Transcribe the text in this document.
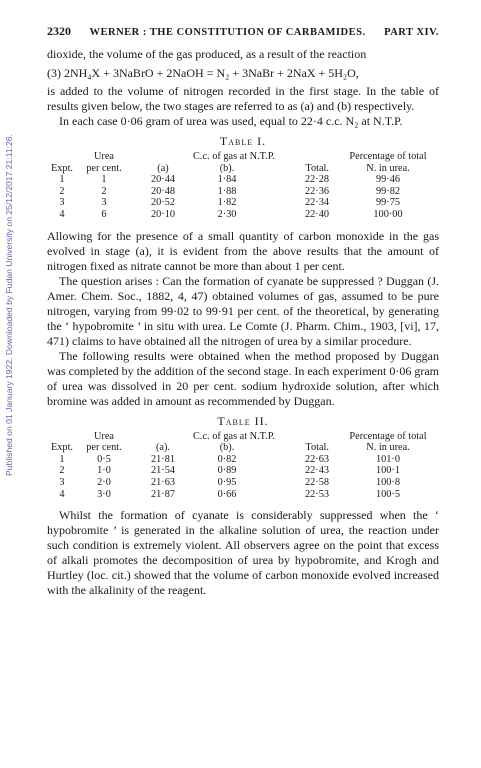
Published on 01 January 1922. Downloaded by Fudan University on 25/12/2017 21:11:26.
2320 WERNER : THE CONSTITUTION OF CARBAMIDES. PART XIV.

dioxide, the volume of the gas produced, as a result of the reaction

(3) 2NH₄X + 3NaBrO + 2NaOH = N₂ + 3NaBr + 2NaX + 5H₂O,

is added to the volume of nitrogen recorded in the first stage. In the table of results given below, the two stages are referred to as (a) and (b) respectively.

In each case 0·06 gram of urea was used, equal to 22·4 c.c. N₂ at N.T.P.

Table I.
	Urea	C.c. of gas at N.T.P.			Percentage of total
Expt.	per cent.	(a)	(b).	Total.	N. in urea.
1	1	20·44	1·84	22·28	99·46
2	2	20·48	1·88	22·36	99·82
3	3	20·52	1·82	22·34	99·75
4	6	20·10	2·30	22·40	100·00

Allowing for the presence of a small quantity of carbon monoxide in the gas evolved in stage (a), it is evident from the above results that the amount of nitrogen fixed as nitrate cannot be more than about 1 per cent.

The question arises : Can the formation of cyanate be suppressed ? Duggan (J. Amer. Chem. Soc., 1882, 4, 47) obtained volumes of gas, assumed to be pure nitrogen, varying from 99·02 to 99·91 per cent. of the theoretical, by generating the ‘ hypobromite ’ in situ with urea. Le Comte (J. Pharm. Chim., 1903, [vi], 17, 471) claims to have obtained all the nitrogen of urea by a similar procedure.

The following results were obtained when the method proposed by Duggan was completed by the addition of the second stage. In each experiment 0·06 gram of urea was dissolved in 20 per cent. sodium hydroxide solution, after which bromine was added in amount as recommended by Duggan.

Table II.
	Urea	C.c. of gas at N.T.P.			Percentage of total
Expt.	per cent.	(a).	(b).	Total.	N. in urea.
1	0·5	21·81	0·82	22·63	101·0
2	1·0	21·54	0·89	22·43	100·1
3	2·0	21·63	0·95	22·58	100·8
4	3·0	21·87	0·66	22·53	100·5

Whilst the formation of cyanate is considerably suppressed when the ‘ hypobromite ’ is generated in the alkaline solution of urea, the reaction under such condition is extremely violent. All observers agree on the point that excess of alkali promotes the decomposition of urea by hypobromite, and Krogh and Hurtley (loc. cit.) showed that the volume of carbon monoxide evolved increased with the alkalinity of the reagent.
